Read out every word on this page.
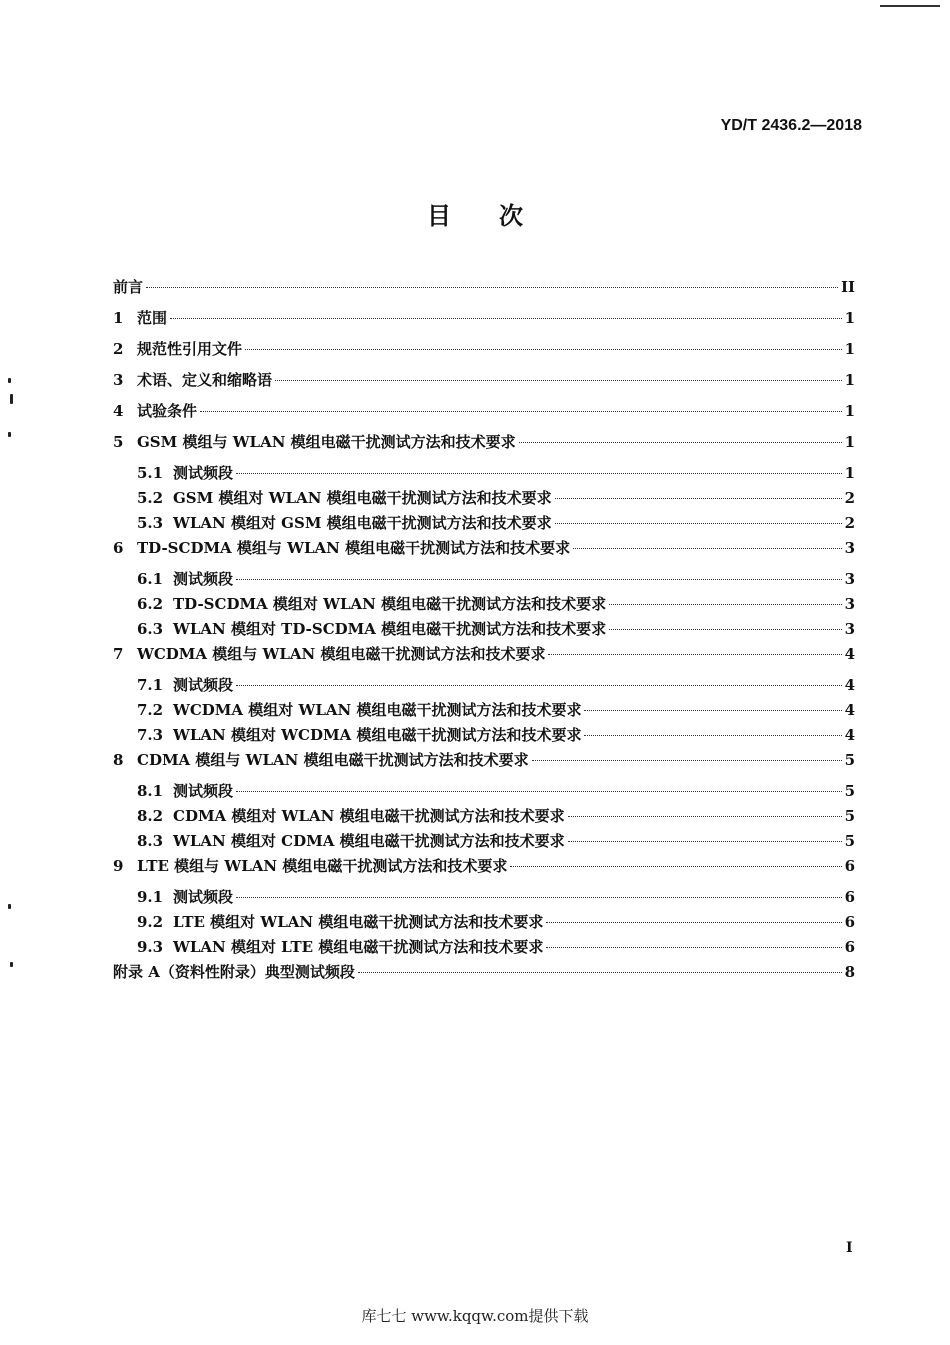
YD/T 2436.2—2018
目次
前言	II
1 范围	1
2 规范性引用文件	1
3 术语、定义和缩略语	1
4 试验条件	1
5 GSM 模组与 WLAN 模组电磁干扰测试方法和技术要求	1
5.1 测试频段	1
5.2 GSM 模组对 WLAN 模组电磁干扰测试方法和技术要求	2
5.3 WLAN 模组对 GSM 模组电磁干扰测试方法和技术要求	2
6 TD-SCDMA 模组与 WLAN 模组电磁干扰测试方法和技术要求	3
6.1 测试频段	3
6.2 TD-SCDMA 模组对 WLAN 模组电磁干扰测试方法和技术要求	3
6.3 WLAN 模组对 TD-SCDMA 模组电磁干扰测试方法和技术要求	3
7 WCDMA 模组与 WLAN 模组电磁干扰测试方法和技术要求	4
7.1 测试频段	4
7.2 WCDMA 模组对 WLAN 模组电磁干扰测试方法和技术要求	4
7.3 WLAN 模组对 WCDMA 模组电磁干扰测试方法和技术要求	4
8 CDMA 模组与 WLAN 模组电磁干扰测试方法和技术要求	5
8.1 测试频段	5
8.2 CDMA 模组对 WLAN 模组电磁干扰测试方法和技术要求	5
8.3 WLAN 模组对 CDMA 模组电磁干扰测试方法和技术要求	5
9 LTE 模组与 WLAN 模组电磁干扰测试方法和技术要求	6
9.1 测试频段	6
9.2 LTE 模组对 WLAN 模组电磁干扰测试方法和技术要求	6
9.3 WLAN 模组对 LTE 模组电磁干扰测试方法和技术要求	6
附录 A（资料性附录）典型测试频段	8
I
库七七 www.kqqw.com提供下载
